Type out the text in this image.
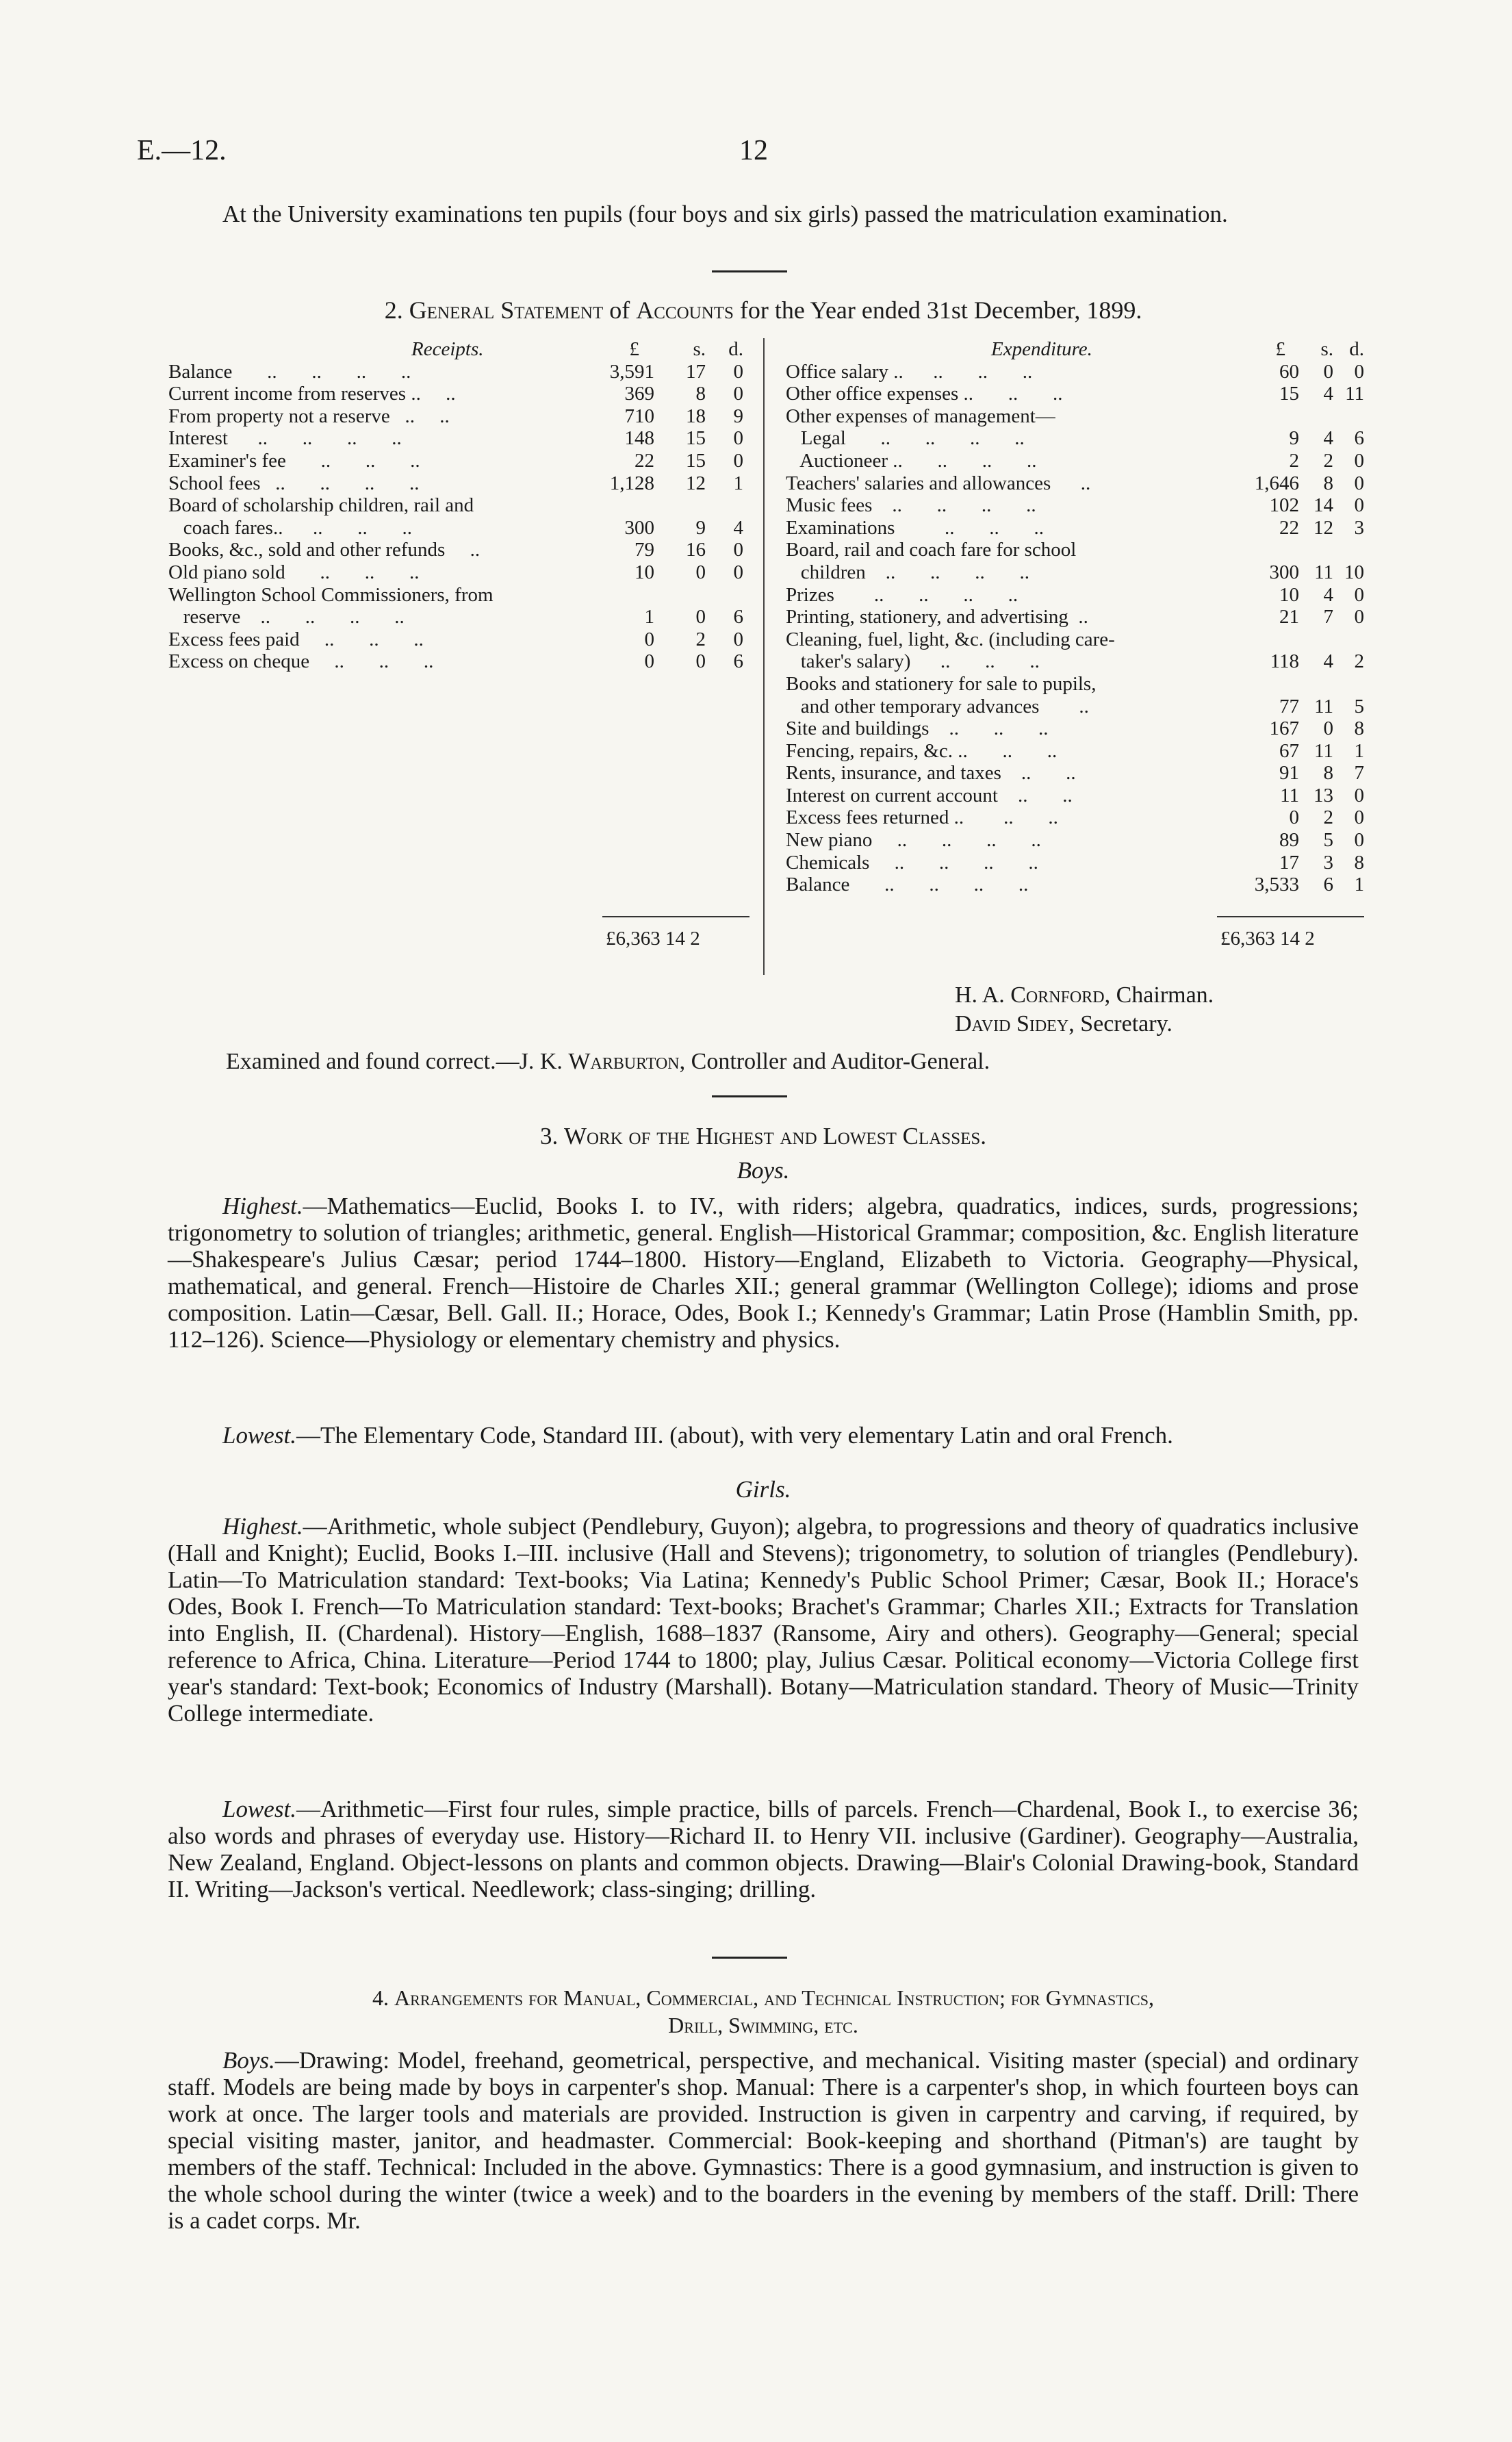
E.—12.	12
At the University examinations ten pupils (four boys and six girls) passed the matriculation examination.
2. General Statement of Accounts for the Year ended 31st December, 1899.
Receipts.	£	s. d.
Balance       ..       ..       ..       ..	3,591 17 0
Current income from reserves ..     ..	369 8 0
From property not a reserve   ..     ..	710 18 9
Interest      ..       ..       ..       ..	148 15 0
Examiner's fee       ..       ..       ..	22 15 0
School fees   ..       ..       ..       ..	1,128 12 1
Board of scholarship children, rail and
coach fares..      ..       ..       ..	300 9 4
Books, &c., sold and other refunds     ..	79 16 0
Old piano sold       ..       ..       ..	10 0 0
Wellington School Commissioners, from
reserve    ..       ..       ..       ..	1 0 6
Excess fees paid     ..       ..       ..	0 2 0
Excess on cheque     ..       ..       ..	0 0 6
Expenditure.	£ s. d.
Office salary ..      ..       ..       ..	60 0 0
Other office expenses ..       ..       ..	15 4 11
Other expenses of management—
Legal       ..       ..       ..       ..	9 4 6
Auctioneer ..       ..       ..       ..	2 2 0
Teachers' salaries and allowances      ..	1,646 8 0
Music fees    ..       ..       ..       ..	102 14 0
Examinations          ..       ..       ..	22 12 3
Board, rail and coach fare for school
children    ..       ..       ..       ..	300 11 10
Prizes        ..       ..       ..       ..	10 4 0
Printing, stationery, and advertising  ..	21 7 0
Cleaning, fuel, light, &c. (including care-
taker's salary)      ..       ..       ..	118 4 2
Books and stationery for sale to pupils,
and other temporary advances        ..	77 11 5
Site and buildings    ..       ..       ..	167 0 8
Fencing, repairs, &c. ..       ..       ..	67 11 1
Rents, insurance, and taxes    ..       ..	91 8 7
Interest on current account    ..       ..	11 13 0
Excess fees returned ..        ..       ..	0 2 0
New piano     ..       ..       ..       ..	89 5 0
Chemicals     ..       ..       ..       ..	17 3 8
Balance       ..       ..       ..       ..	3,533 6 1
£6,363 14 2	£6,363 14 2
H. A. Cornford, Chairman.
David Sidey, Secretary.
Examined and found correct.—J. K. Warburton, Controller and Auditor-General.
3. Work of the Highest and Lowest Classes.
Boys.
Highest.—Mathematics—Euclid, Books I. to IV., with riders; algebra, quadratics, indices, surds, progressions; trigonometry to solution of triangles; arithmetic, general. English—Historical Grammar; composition, &c. English literature—Shakespeare's Julius Cæsar; period 1744–1800. History—England, Elizabeth to Victoria. Geography—Physical, mathematical, and general. French—Histoire de Charles XII.; general grammar (Wellington College); idioms and prose composition. Latin—Cæsar, Bell. Gall. II.; Horace, Odes, Book I.; Kennedy's Grammar; Latin Prose (Hamblin Smith, pp. 112–126). Science—Physiology or elementary chemistry and physics.
Lowest.—The Elementary Code, Standard III. (about), with very elementary Latin and oral French.
Girls.
Highest.—Arithmetic, whole subject (Pendlebury, Guyon); algebra, to progressions and theory of quadratics inclusive (Hall and Knight); Euclid, Books I.–III. inclusive (Hall and Stevens); trigonometry, to solution of triangles (Pendlebury). Latin—To Matriculation standard: Text-books; Via Latina; Kennedy's Public School Primer; Cæsar, Book II.; Horace's Odes, Book I. French—To Matriculation standard: Text-books; Brachet's Grammar; Charles XII.; Extracts for Translation into English, II. (Chardenal). History—English, 1688–1837 (Ransome, Airy and others). Geography—General; special reference to Africa, China. Literature—Period 1744 to 1800; play, Julius Cæsar. Political economy—Victoria College first year's standard: Text-book; Economics of Industry (Marshall). Botany—Matriculation standard. Theory of Music—Trinity College intermediate.
Lowest.—Arithmetic—First four rules, simple practice, bills of parcels. French—Chardenal, Book I., to exercise 36; also words and phrases of everyday use. History—Richard II. to Henry VII. inclusive (Gardiner). Geography—Australia, New Zealand, England. Object-lessons on plants and common objects. Drawing—Blair's Colonial Drawing-book, Standard II. Writing—Jackson's vertical. Needlework; class-singing; drilling.
4. Arrangements for Manual, Commercial, and Technical Instruction; for Gymnastics,
Drill, Swimming, etc.
Boys.—Drawing: Model, freehand, geometrical, perspective, and mechanical. Visiting master (special) and ordinary staff. Models are being made by boys in carpenter's shop. Manual: There is a carpenter's shop, in which fourteen boys can work at once. The larger tools and materials are provided. Instruction is given in carpentry and carving, if required, by special visiting master, janitor, and headmaster. Commercial: Book-keeping and shorthand (Pitman's) are taught by members of the staff. Technical: Included in the above. Gymnastics: There is a good gymnasium, and instruction is given to the whole school during the winter (twice a week) and to the boarders in the evening by members of the staff. Drill: There is a cadet corps. Mr.
